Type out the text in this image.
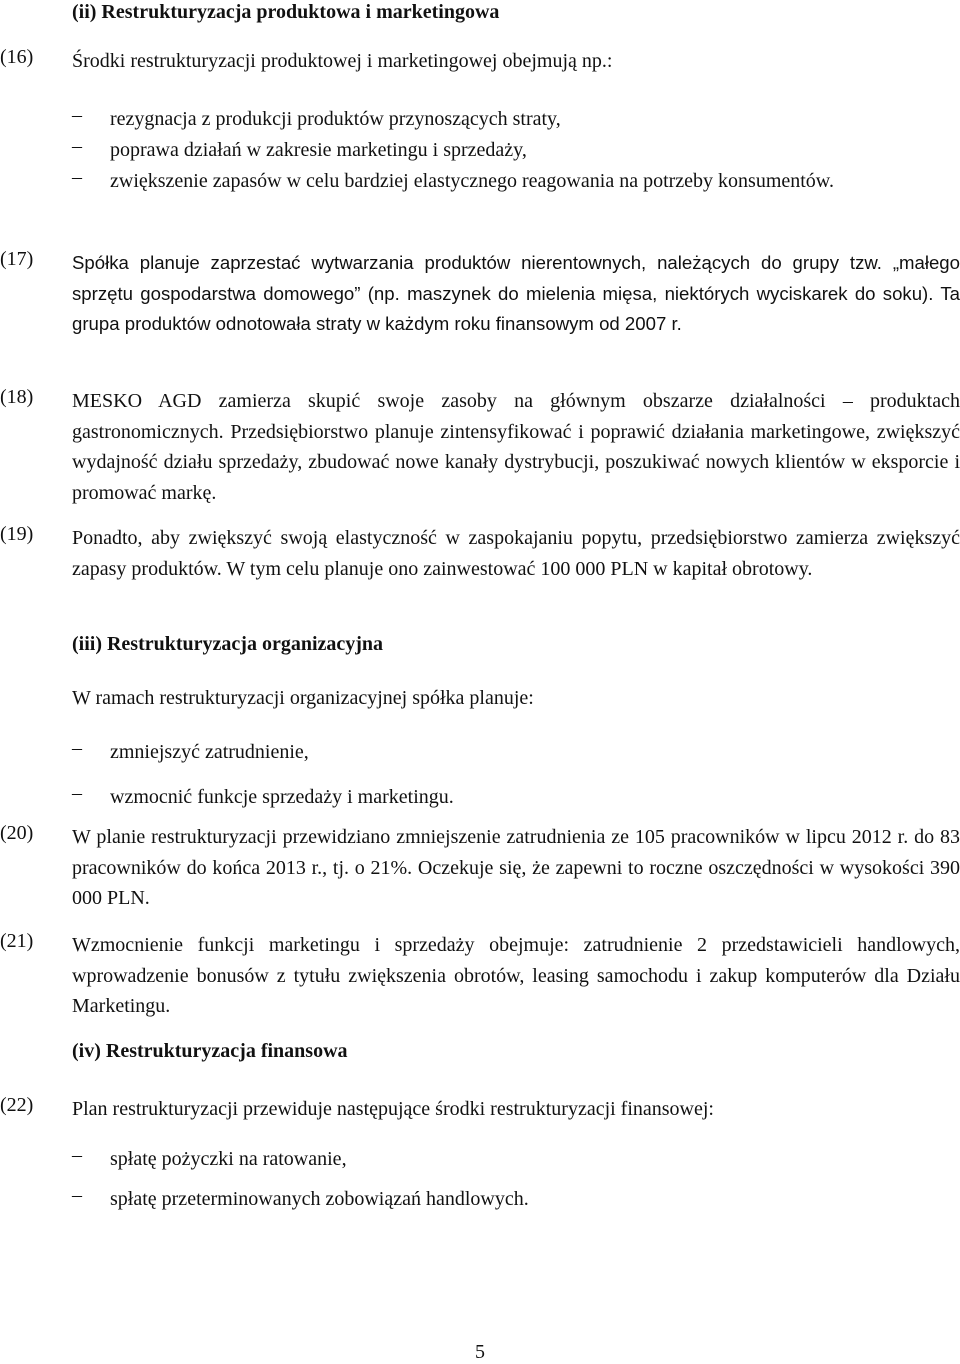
(ii) Restrukturyzacja produktowa i marketingowa
(16) Środki restrukturyzacji produktowej i marketingowej obejmują np.:
– rezygnacja z produkcji produktów przynoszących straty,
– poprawa działań w zakresie marketingu i sprzedaży,
– zwiększenie zapasów w celu bardziej elastycznego reagowania na potrzeby konsumentów.
(17) Spółka planuje zaprzestać wytwarzania produktów nierentownych, należących do grupy tzw. „małego sprzętu gospodarstwa domowego” (np. maszynek do mielenia mięsa, niektórych wyciskarek do soku). Ta grupa produktów odnotowała straty w każdym roku finansowym od 2007 r.
(18) MESKO AGD zamierza skupić swoje zasoby na głównym obszarze działalności – produktach gastronomicznych. Przedsiębiorstwo planuje zintensyfikować i poprawić działania marketingowe, zwiększyć wydajność działu sprzedaży, zbudować nowe kanały dystrybucji, poszukiwać nowych klientów w eksporcie i promować markę.
(19) Ponadto, aby zwiększyć swoją elastyczność w zaspokajaniu popytu, przedsiębiorstwo zamierza zwiększyć zapasy produktów. W tym celu planuje ono zainwestować 100 000 PLN w kapitał obrotowy.
(iii) Restrukturyzacja organizacyjna
W ramach restrukturyzacji organizacyjnej spółka planuje:
– zmniejszyć zatrudnienie,
– wzmocnić funkcje sprzedaży i marketingu.
(20) W planie restrukturyzacji przewidziano zmniejszenie zatrudnienia ze 105 pracowników w lipcu 2012 r. do 83 pracowników do końca 2013 r., tj. o 21%. Oczekuje się, że zapewni to roczne oszczędności w wysokości 390 000 PLN.
(21) Wzmocnienie funkcji marketingu i sprzedaży obejmuje: zatrudnienie 2 przedstawicieli handlowych, wprowadzenie bonusów z tytułu zwiększenia obrotów, leasing samochodu i zakup komputerów dla Działu Marketingu.
(iv) Restrukturyzacja finansowa
(22) Plan restrukturyzacji przewiduje następujące środki restrukturyzacji finansowej:
– spłatę pożyczki na ratowanie,
– spłatę przeterminowanych zobowiązań handlowych.
5
